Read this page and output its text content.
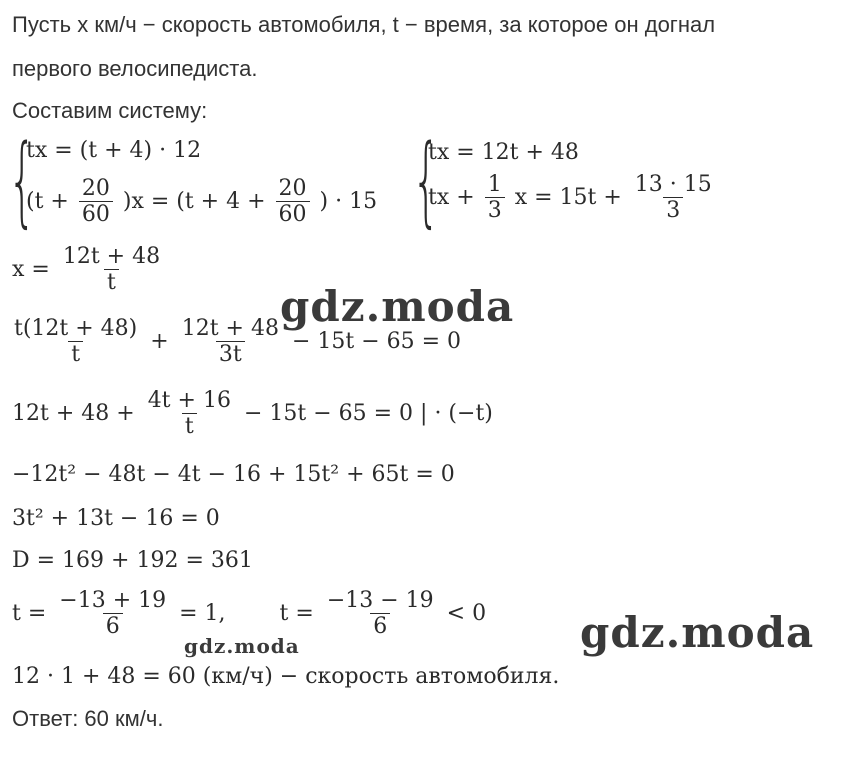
Пусть x км/ч − скорость автомобиля, t − время, за которое он догнал
первого велосипедиста.
Составим систему:
{
tx = (t + 4) · 12
$(t + \frac{20}{60} )x = (t + 4 + \frac{20}{60}$ ) · 15 {
tx = 12t + 48
tx + $\frac{1}{3}$ $x = 15t + \frac{13 \cdot 15}{3}$
$x = \frac{12t + 48}{t}$
$\frac{t(12t + 48)}{t} + \frac{12t + 48}{3t} - 15t - 65 = 0$
$12t + 48 + \frac{4t + 16}{t} - 15t - 65 = 0$ | · (−t)
−12t² − 48t − 4t − 16 + 15t² + 65t = 0
3t² + 13t − 16 = 0
D = 169 + 192 = 361
$t = \frac{-13 + 19}{6} = 1$, $t = \frac{-13 - 19}{6} < 0$
12 · 1 + 48 = 60 (км/ч) − скорость автомобиля.
Ответ: 60 км/ч.
gdz.moda
gdz.moda
gdz.moda
